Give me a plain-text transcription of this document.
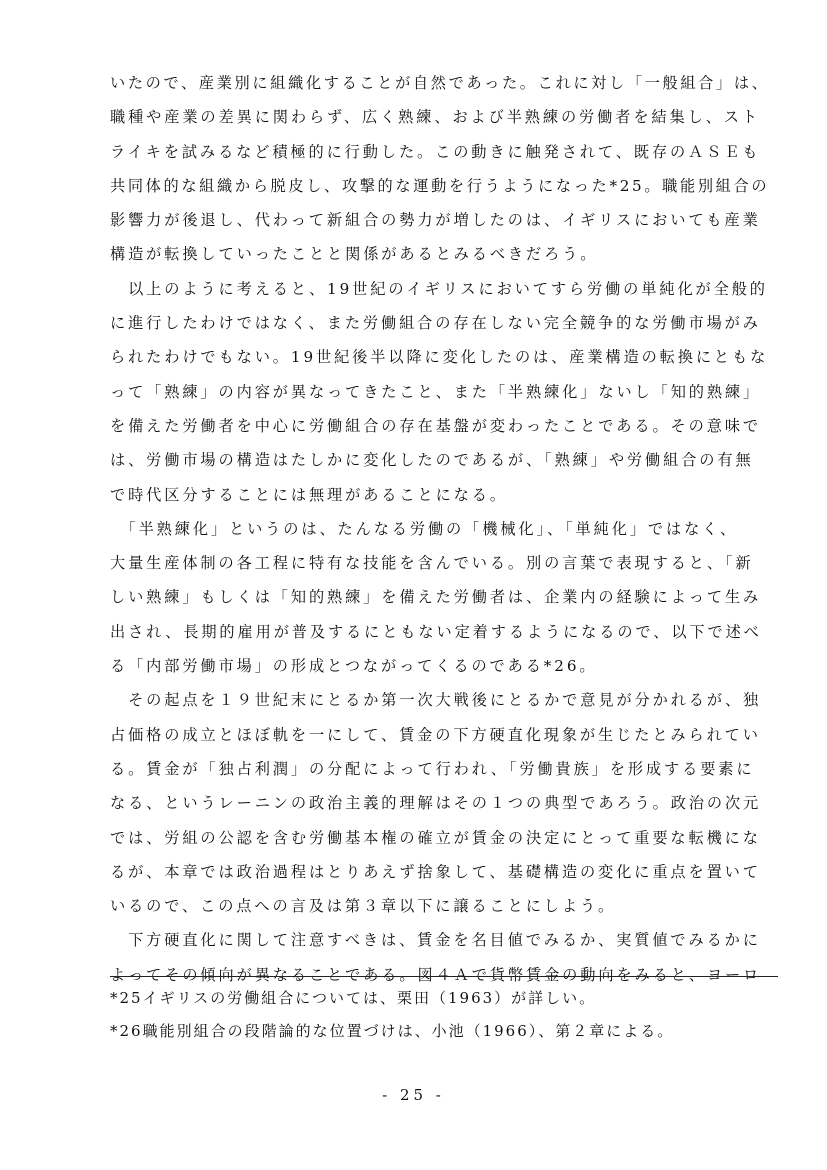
いたので、産業別に組織化することが自然であった。これに対し「一般組合」は、
職種や産業の差異に関わらず、広く熟練、および半熟練の労働者を結集し、スト
ライキを試みるなど積極的に行動した。この動きに触発されて、既存のＡＳＥも
共同体的な組織から脱皮し、攻撃的な運動を行うようになった*25。職能別組合の
影響力が後退し、代わって新組合の勢力が増したのは、イギリスにおいても産業
構造が転換していったことと関係があるとみるべきだろう。
　以上のように考えると、19世紀のイギリスにおいてすら労働の単純化が全般的
に進行したわけではなく、また労働組合の存在しない完全競争的な労働市場がみ
られたわけでもない。19世紀後半以降に変化したのは、産業構造の転換にともな
って「熟練」の内容が異なってきたこと、また「半熟練化」ないし「知的熟練」
を備えた労働者を中心に労働組合の存在基盤が変わったことである。その意味で
は、労働市場の構造はたしかに変化したのであるが、「熟練」や労働組合の有無
で時代区分することには無理があることになる。
　「半熟練化」というのは、たんなる労働の「機械化」、「単純化」ではなく、
大量生産体制の各工程に特有な技能を含んでいる。別の言葉で表現すると、「新
しい熟練」もしくは「知的熟練」を備えた労働者は、企業内の経験によって生み
出され、長期的雇用が普及するにともない定着するようになるので、以下で述べ
る「内部労働市場」の形成とつながってくるのである*26。
　その起点を１９世紀末にとるか第一次大戦後にとるかで意見が分かれるが、独
占価格の成立とほぼ軌を一にして、賃金の下方硬直化現象が生じたとみられてい
る。賃金が「独占利潤」の分配によって行われ、「労働貴族」を形成する要素に
なる、というレーニンの政治主義的理解はその１つの典型であろう。政治の次元
では、労組の公認を含む労働基本権の確立が賃金の決定にとって重要な転機にな
るが、本章では政治過程はとりあえず捨象して、基礎構造の変化に重点を置いて
いるので、この点への言及は第３章以下に譲ることにしよう。
　下方硬直化に関して注意すべきは、賃金を名目値でみるか、実質値でみるかに
よってその傾向が異なることである。図４Ａで貨幣賃金の動向をみると、ヨーロ
*25イギリスの労働組合については、栗田（1963）が詳しい。
*26職能別組合の段階論的な位置づけは、小池（1966）、第２章による。
- 25 -
